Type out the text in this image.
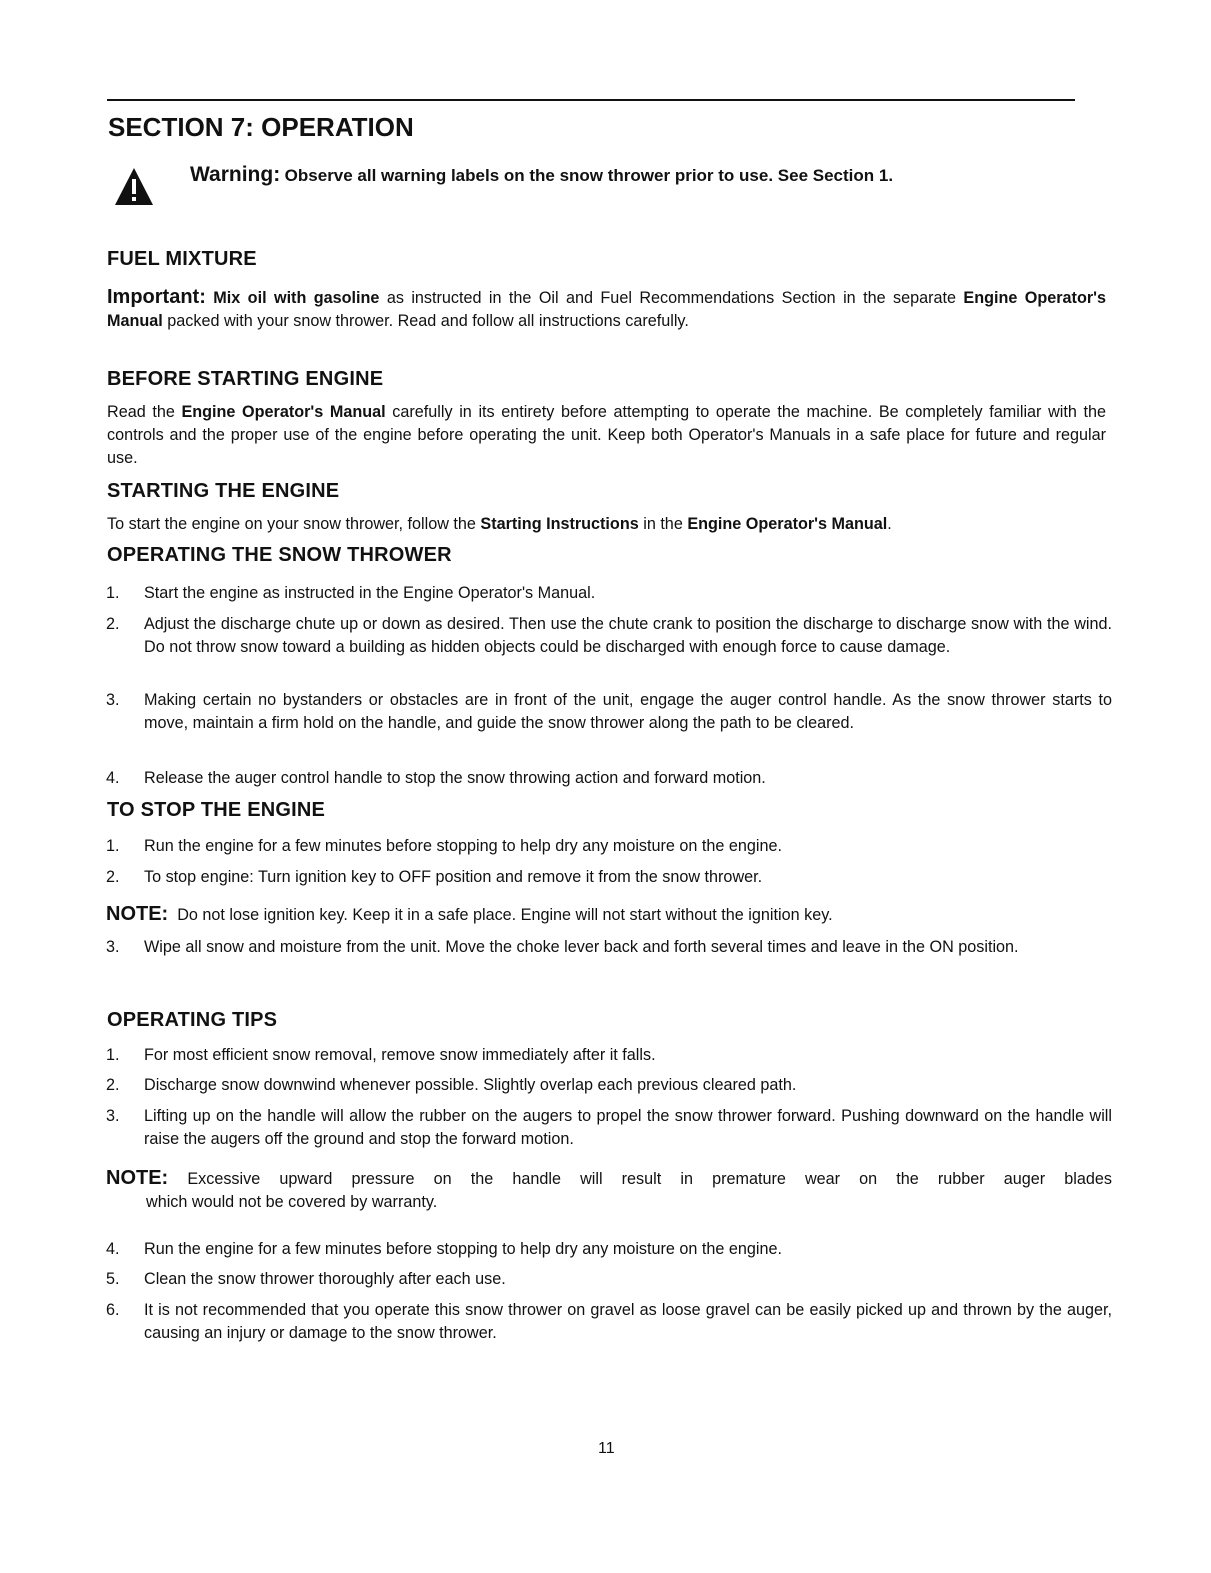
SECTION 7: OPERATION
Warning: Observe all warning labels on the snow thrower prior to use. See Section 1.
FUEL MIXTURE
Important: Mix oil with gasoline as instructed in the Oil and Fuel Recommendations Section in the separate Engine Operator's Manual packed with your snow thrower. Read and follow all instructions carefully.
BEFORE STARTING ENGINE
Read the Engine Operator's Manual carefully in its entirety before attempting to operate the machine. Be completely familiar with the controls and the proper use of the engine before operating the unit. Keep both Operator's Manuals in a safe place for future and regular use.
STARTING THE ENGINE
To start the engine on your snow thrower, follow the Starting Instructions in the Engine Operator's Manual.
OPERATING THE SNOW THROWER
1.	Start the engine as instructed in the Engine Operator's Manual.
2.	Adjust the discharge chute up or down as desired. Then use the chute crank to position the discharge to discharge snow with the wind. Do not throw snow toward a building as hidden objects could be discharged with enough force to cause damage.
3.	Making certain no bystanders or obstacles are in front of the unit, engage the auger control handle. As the snow thrower starts to move, maintain a firm hold on the handle, and guide the snow thrower along the path to be cleared.
4.	Release the auger control handle to stop the snow throwing action and forward motion.
TO STOP THE ENGINE
1.	Run the engine for a few minutes before stopping to help dry any moisture on the engine.
2.	To stop engine: Turn ignition key to OFF position and remove it from the snow thrower.
NOTE: Do not lose ignition key. Keep it in a safe place. Engine will not start without the ignition key.
3.	Wipe all snow and moisture from the unit. Move the choke lever back and forth several times and leave in the ON position.
OPERATING TIPS
1.	For most efficient snow removal, remove snow immediately after it falls.
2.	Discharge snow downwind whenever possible. Slightly overlap each previous cleared path.
3.	Lifting up on the handle will allow the rubber on the augers to propel the snow thrower forward. Pushing downward on the handle will raise the augers off the ground and stop the forward motion.
NOTE: Excessive upward pressure on the handle will result in premature wear on the rubber auger blades
which would not be covered by warranty.
4.	Run the engine for a few minutes before stopping to help dry any moisture on the engine.
5.	Clean the snow thrower thoroughly after each use.
6.	It is not recommended that you operate this snow thrower on gravel as loose gravel can be easily picked up and thrown by the auger, causing an injury or damage to the snow thrower.
11
